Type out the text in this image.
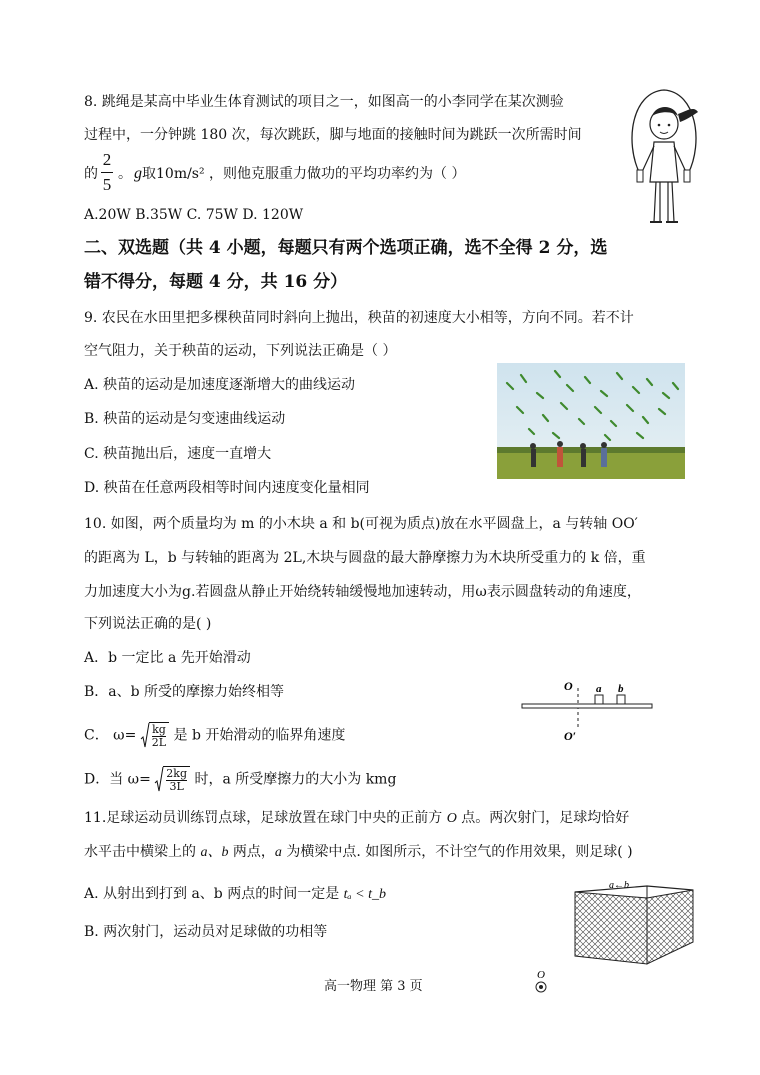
8. 跳绳是某高中毕业生体育测试的项目之一，如图高一的小李同学在某次测验
过程中，一分钟跳 180 次，每次跳跃，脚与地面的接触时间为跳跃一次所需时间
的
2
5
。 g 取10m/s² ，则他克服重力做功的平均功率约为（ ）
A.20W B.35W C. 75W D. 120W
二、双选题（共 4 小题，每题只有两个选项正确，选不全得 2 分，选
错不得分，每题 4 分，共 16 分）
9. 农民在水田里把多棵秧苗同时斜向上抛出，秧苗的初速度大小相等，方向不同。若不计
空气阻力，关于秧苗的运动，下列说法正确是（ ）
A. 秧苗的运动是加速度逐渐增大的曲线运动
B. 秧苗的运动是匀变速曲线运动
C. 秧苗抛出后，速度一直增大
D. 秧苗在任意两段相等时间内速度变化量相同
10. 如图，两个质量均为 m 的小木块 a 和 b(可视为质点)放在水平圆盘上，a 与转轴 OO′
的距离为 L，b 与转轴的距离为 2L,木块与圆盘的最大静摩擦力为木块所受重力的 k 倍，重
力加速度大小为g.若圆盘从静止开始绕转轴缓慢地加速转动，用ω表示圆盘转动的角速度，
下列说法正确的是( )
A．b 一定比 a 先开始滑动
B．a、b 所受的摩擦力始终相等
C． $\omega= \frac{kg}{2L}$ 是 b 开始滑动的临界角速度
D．当 $\omega= \frac{2kg}{3L}$ 时，a 所受摩擦力的大小为 kmg
O
O′
a b
11.足球运动员训练罚点球，足球放置在球门中央的正前方 O 点。两次射门，足球均恰好
水平击中横梁上的 a、b 两点，a 为横梁中点. 如图所示，不计空气的作用效果，则足球( )
A. 从射出到打到 a、b 两点的时间一定是 tₐ < t_b
B. 两次射门，运动员对足球做的功相等
a←b
O
高一物理 第 3 页
